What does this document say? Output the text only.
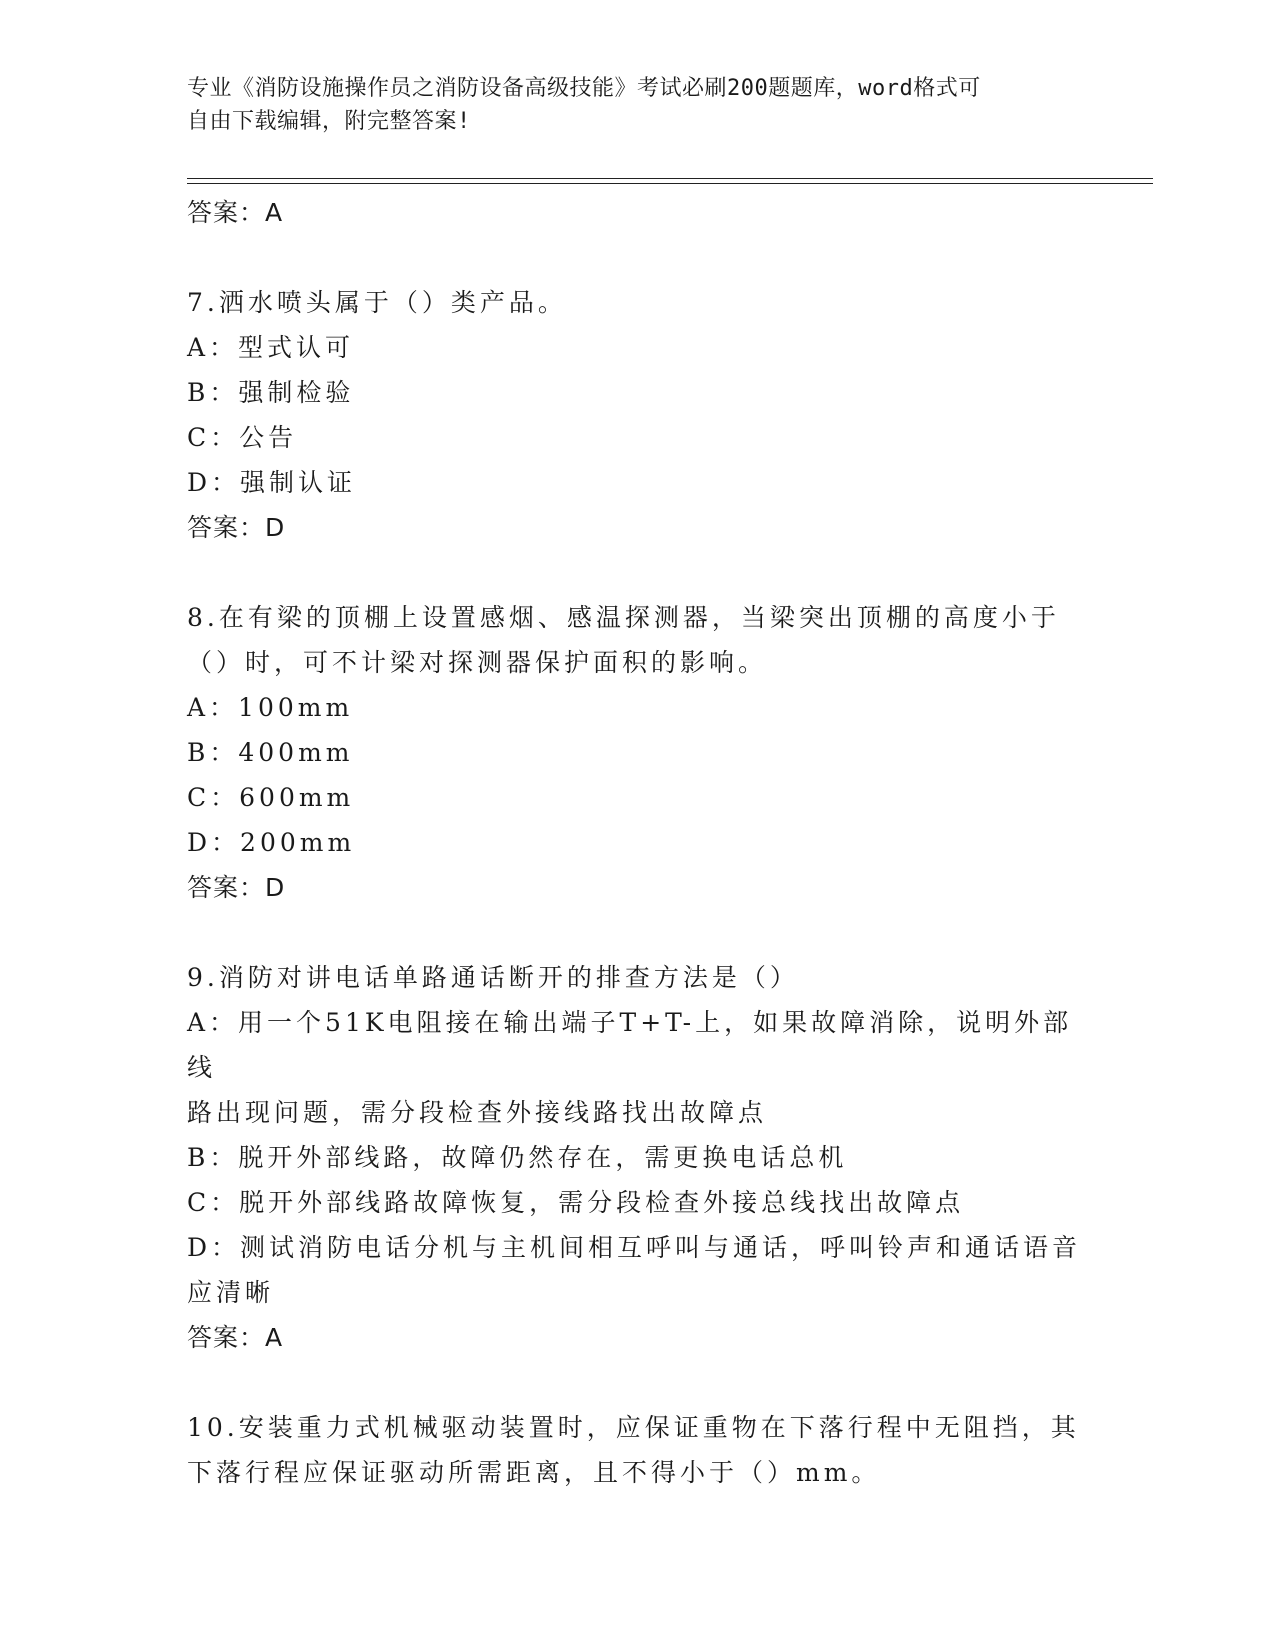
专业《消防设施操作员之消防设备高级技能》考试必刷200题题库，word格式可
自由下载编辑，附完整答案!
答案：A
7.洒水喷头属于（）类产品。
A：型式认可
B：强制检验
C：公告
D：强制认证
答案：D
8.在有梁的顶棚上设置感烟、感温探测器，当梁突出顶棚的高度小于
（）时，可不计梁对探测器保护面积的影响。
A：100mm
B：400mm
C：600mm
D：200mm
答案：D
9.消防对讲电话单路通话断开的排查方法是（）
A：用一个51K电阻接在输出端子T+T-上，如果故障消除，说明外部线
路出现问题，需分段检查外接线路找出故障点
B：脱开外部线路，故障仍然存在，需更换电话总机
C：脱开外部线路故障恢复，需分段检查外接总线找出故障点
D：测试消防电话分机与主机间相互呼叫与通话，呼叫铃声和通话语音
应清晰
答案：A
10.安装重力式机械驱动装置时，应保证重物在下落行程中无阻挡，其
下落行程应保证驱动所需距离，且不得小于（）mm。
